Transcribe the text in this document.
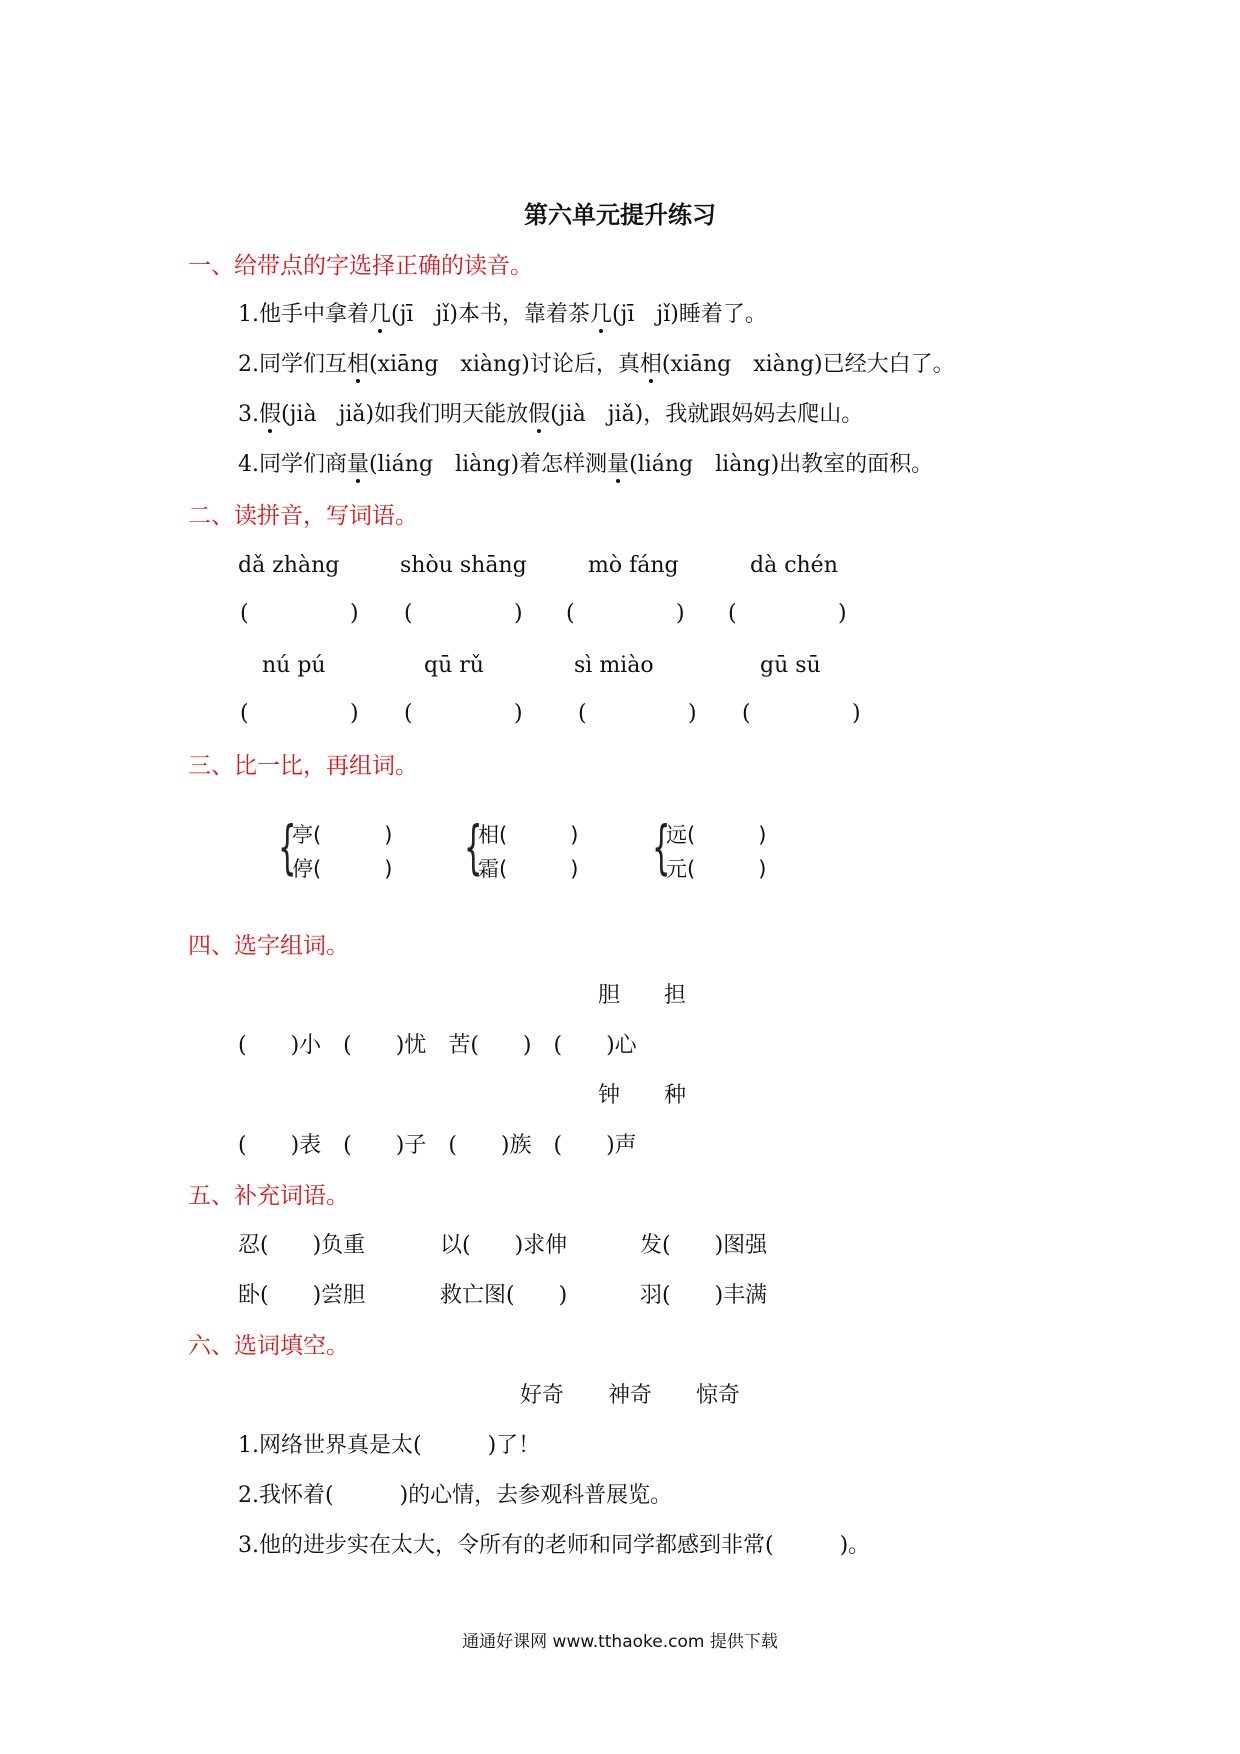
第六单元提升练习
一、给带点的字选择正确的读音。
1.他手中拿着几(jī　jǐ)本书，靠着茶几(jī　jǐ)睡着了。
2.同学们互相(xiāng　xiàng)讨论后，真相(xiāng　xiàng)已经大白了。
3.假(jià　jiǎ)如我们明天能放假(jià　jiǎ)，我就跟妈妈去爬山。
4.同学们商量(liáng　liàng)着怎样测量(liáng　liàng)出教室的面积。
二、读拼音，写词语。
dǎ zhàng	shòu shāng	mò fáng	dà chén
(	) (	) (	) (	)
nú pú	qū rǔ	sì miào	gū sū
(	) (	)	(	) (	)
三、比一比，再组词。
{
亭(　　　)
停(　　　) {
相(　　　)
霜(　　　) {
远(　　　)
元(　　　)
四、选字组词。
胆　　担
(　　)小　(　　)忧　苦(　　)　(　　)心
钟　　种
(　　)表　(　　)子　(　　)族　(　　)声
五、补充词语。
忍(　　)负重	以(　　)求伸	发(　　)图强
卧(　　)尝胆	救亡图(　　)	羽(　　)丰满
六、选词填空。
好奇　　神奇　　惊奇
1.网络世界真是太(　　　)了！
2.我怀着(　　　)的心情，去参观科普展览。
3.他的进步实在太大，令所有的老师和同学都感到非常(　　　)。
通通好课网 www.tthaoke.com 提供下载
